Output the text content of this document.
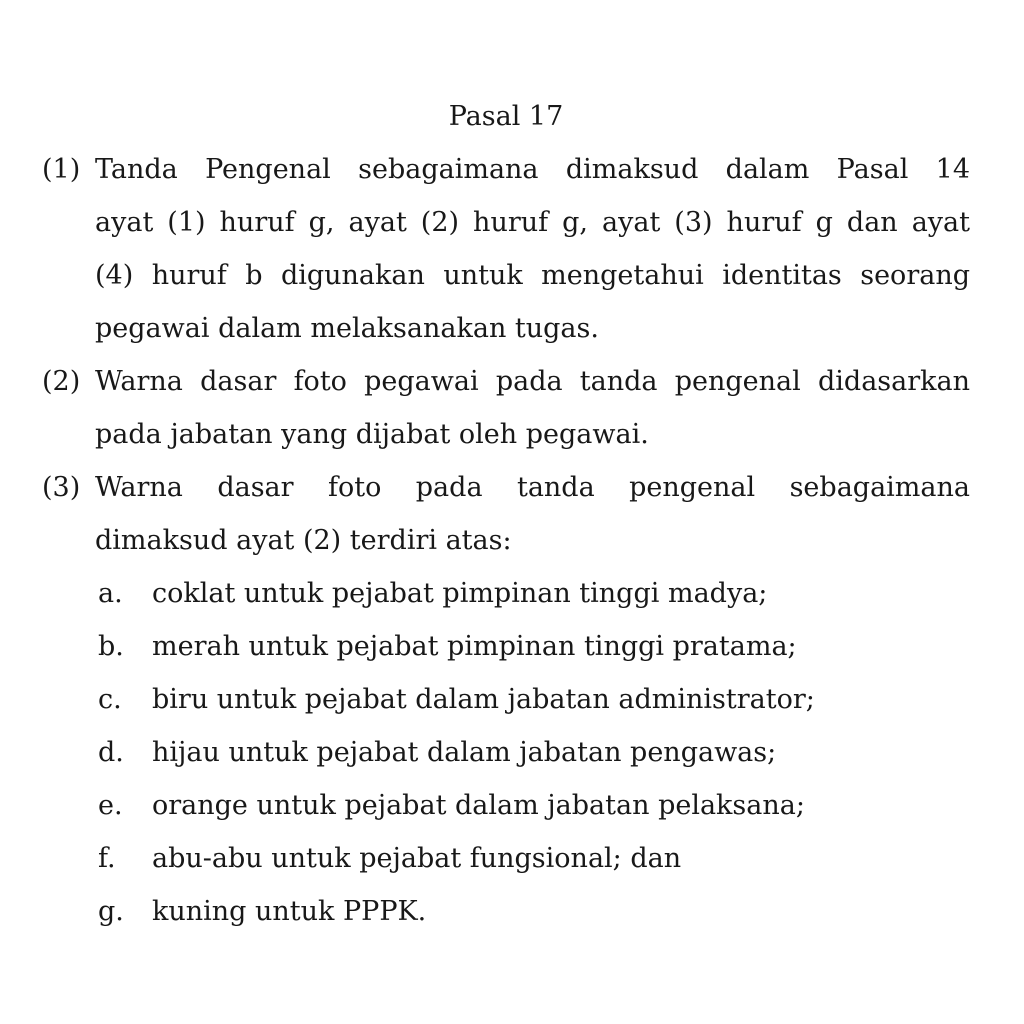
Pasal 17
(1) Tanda Pengenal sebagaimana dimaksud dalam Pasal 14
ayat (1) huruf g, ayat (2) huruf g, ayat (3) huruf g dan ayat
(4) huruf b digunakan untuk mengetahui identitas seorang
pegawai dalam melaksanakan tugas.
(2) Warna dasar foto pegawai pada tanda pengenal didasarkan
pada jabatan yang dijabat oleh pegawai.
(3) Warna dasar foto pada tanda pengenal sebagaimana
dimaksud ayat (2) terdiri atas:
a.	coklat untuk pejabat pimpinan tinggi madya;
b.	merah untuk pejabat pimpinan tinggi pratama;
c.	biru untuk pejabat dalam jabatan administrator;
d.	hijau untuk pejabat dalam jabatan pengawas;
e.	orange untuk pejabat dalam jabatan pelaksana;
f.	abu-abu untuk pejabat fungsional; dan
g.	kuning untuk PPPK.
